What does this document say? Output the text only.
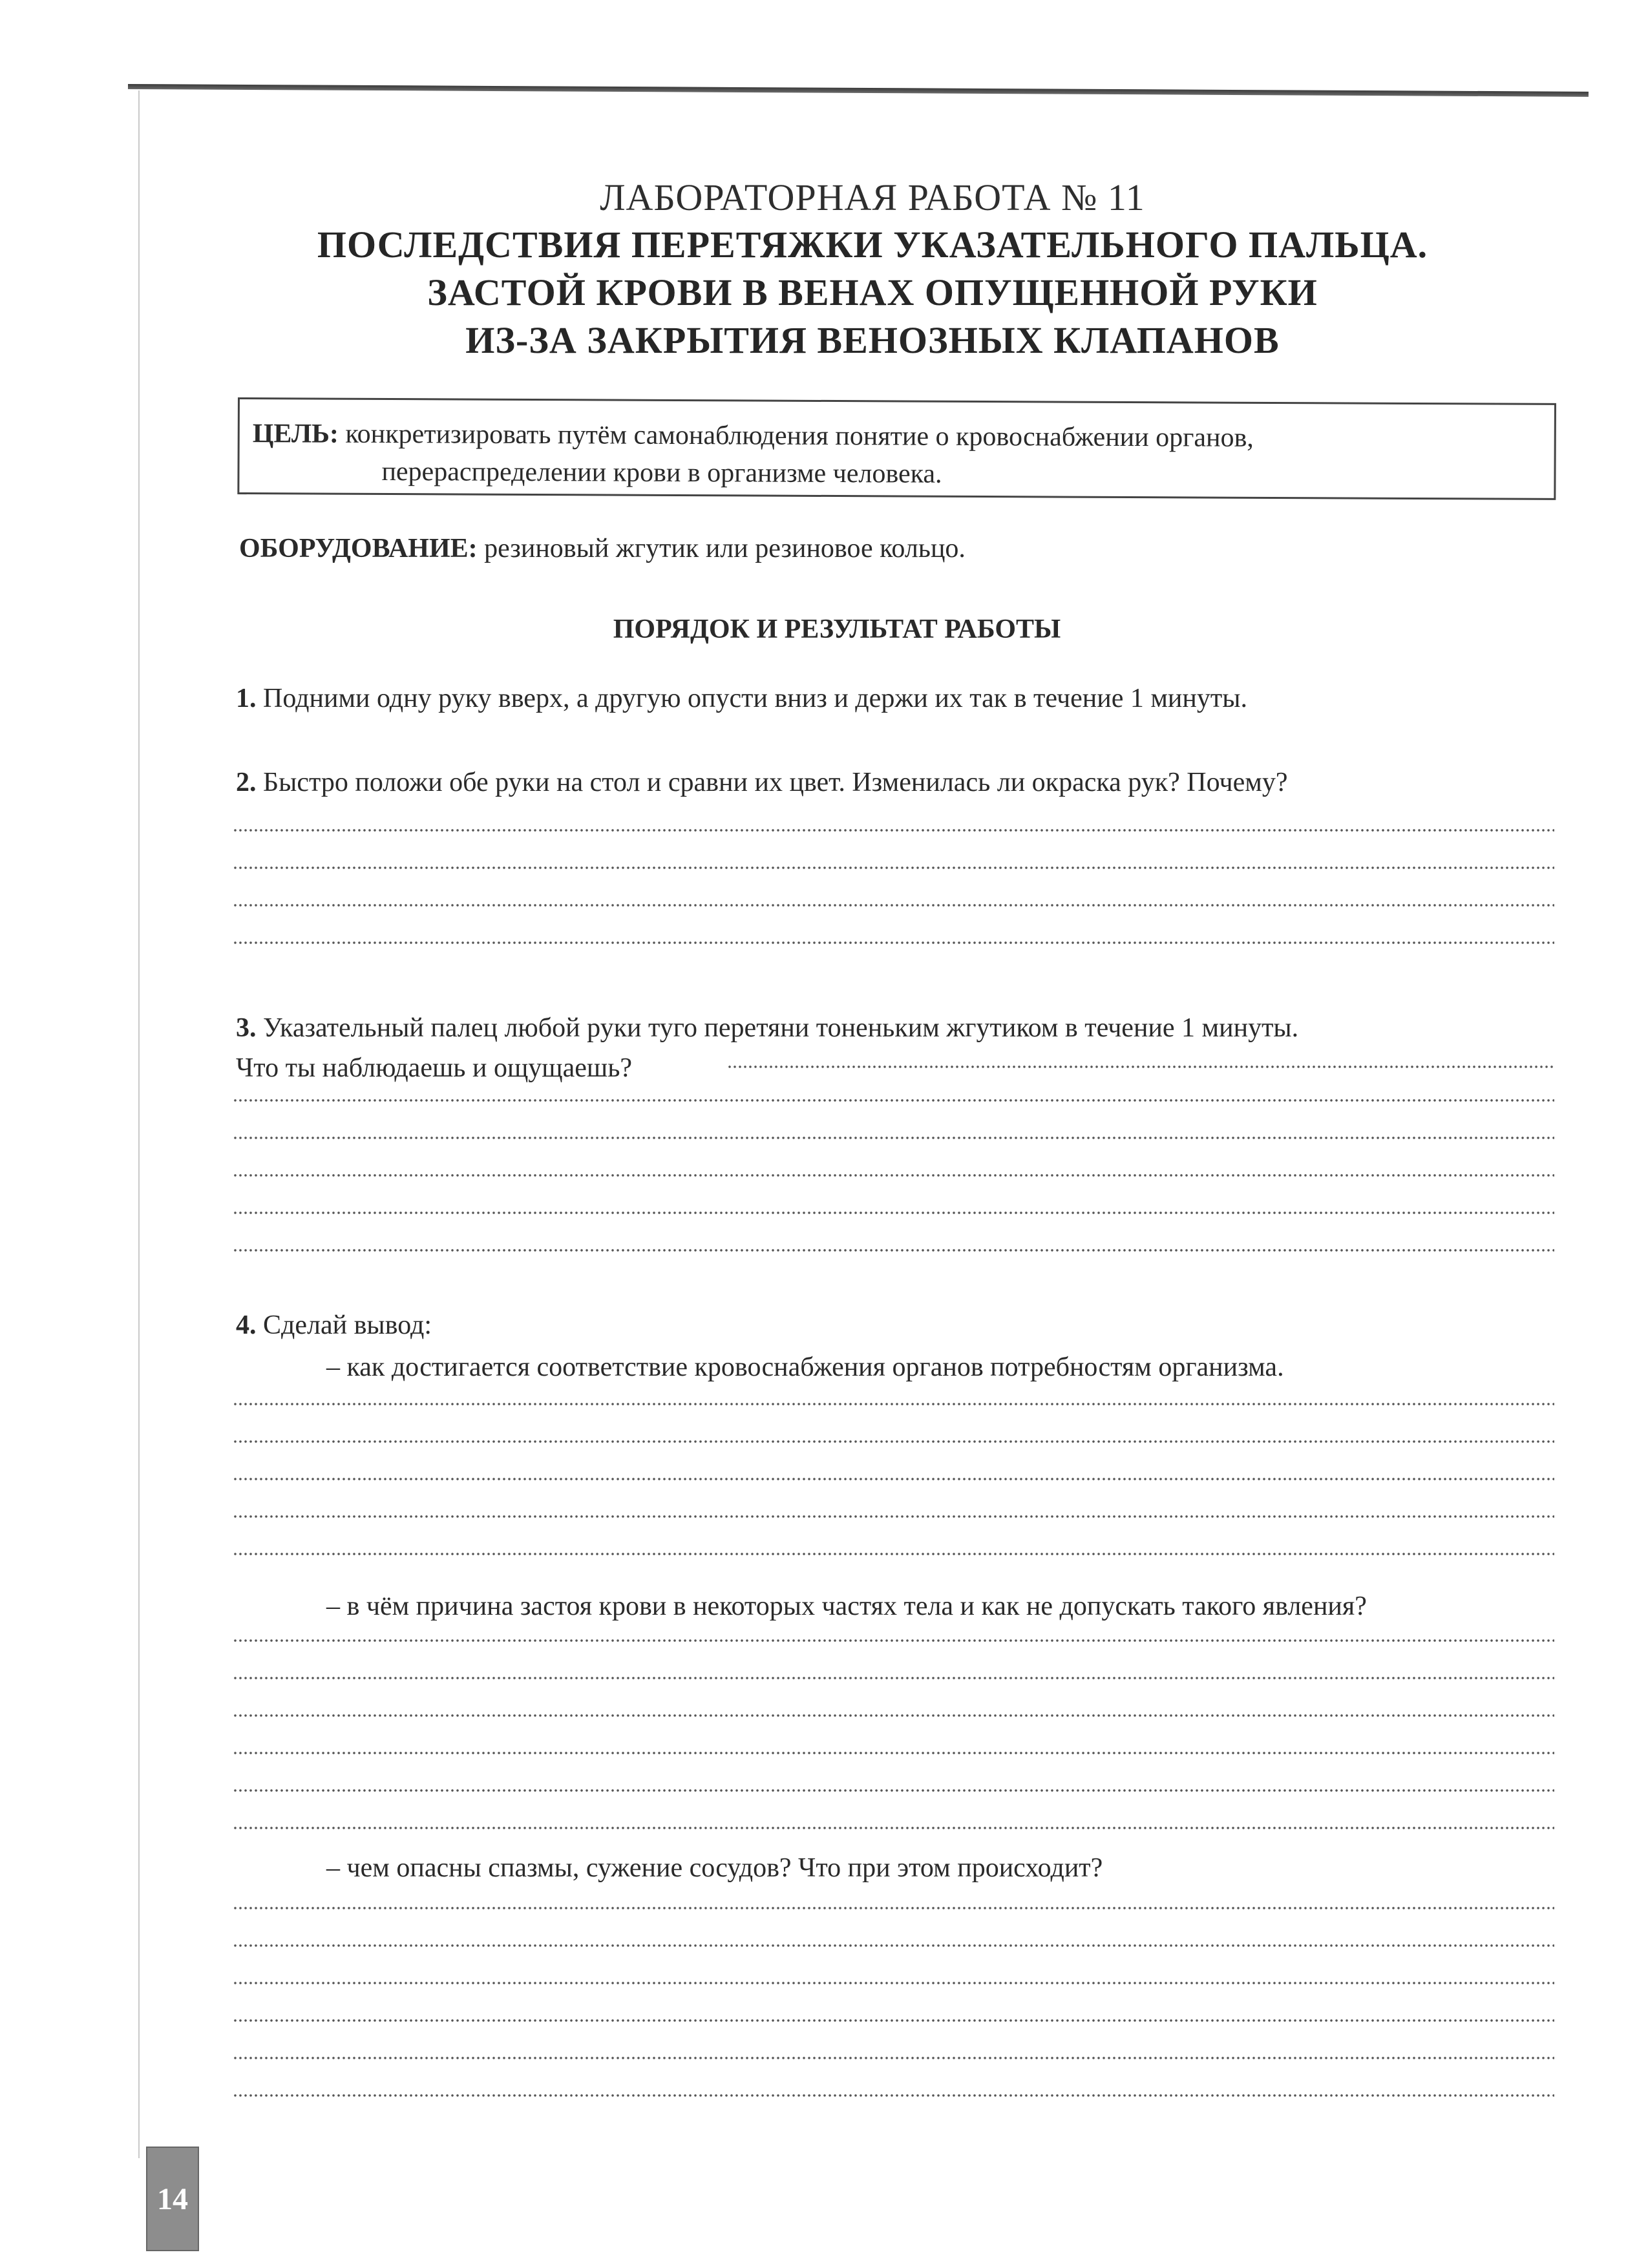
ЛАБОРАТОРНАЯ РАБОТА № 11
ПОСЛЕДСТВИЯ ПЕРЕТЯЖКИ УКАЗАТЕЛЬНОГО ПАЛЬЦА.
ЗАСТОЙ КРОВИ В ВЕНАХ ОПУЩЕННОЙ РУКИ
ИЗ-ЗА ЗАКРЫТИЯ ВЕНОЗНЫХ КЛАПАНОВ
ЦЕЛЬ: конкретизировать путём самонаблюдения понятие о кровоснабжении органов,
перераспределении крови в организме человека.
ОБОРУДОВАНИЕ: резиновый жгутик или резиновое кольцо.
ПОРЯДОК И РЕЗУЛЬТАТ РАБОТЫ
1. Подними одну руку вверх, а другую опусти вниз и держи их так в течение 1 минуты.
2. Быстро положи обе руки на стол и сравни их цвет. Изменилась ли окраска рук? Почему?
3. Указательный палец любой руки туго перетяни тоненьким жгутиком в течение 1 минуты.
Что ты наблюдаешь и ощущаешь?
4. Сделай вывод:
– как достигается соответствие кровоснабжения органов потребностям организма.
– в чём причина застоя крови в некоторых частях тела и как не допускать такого явления?
– чем опасны спазмы, сужение сосудов? Что при этом происходит?
14
